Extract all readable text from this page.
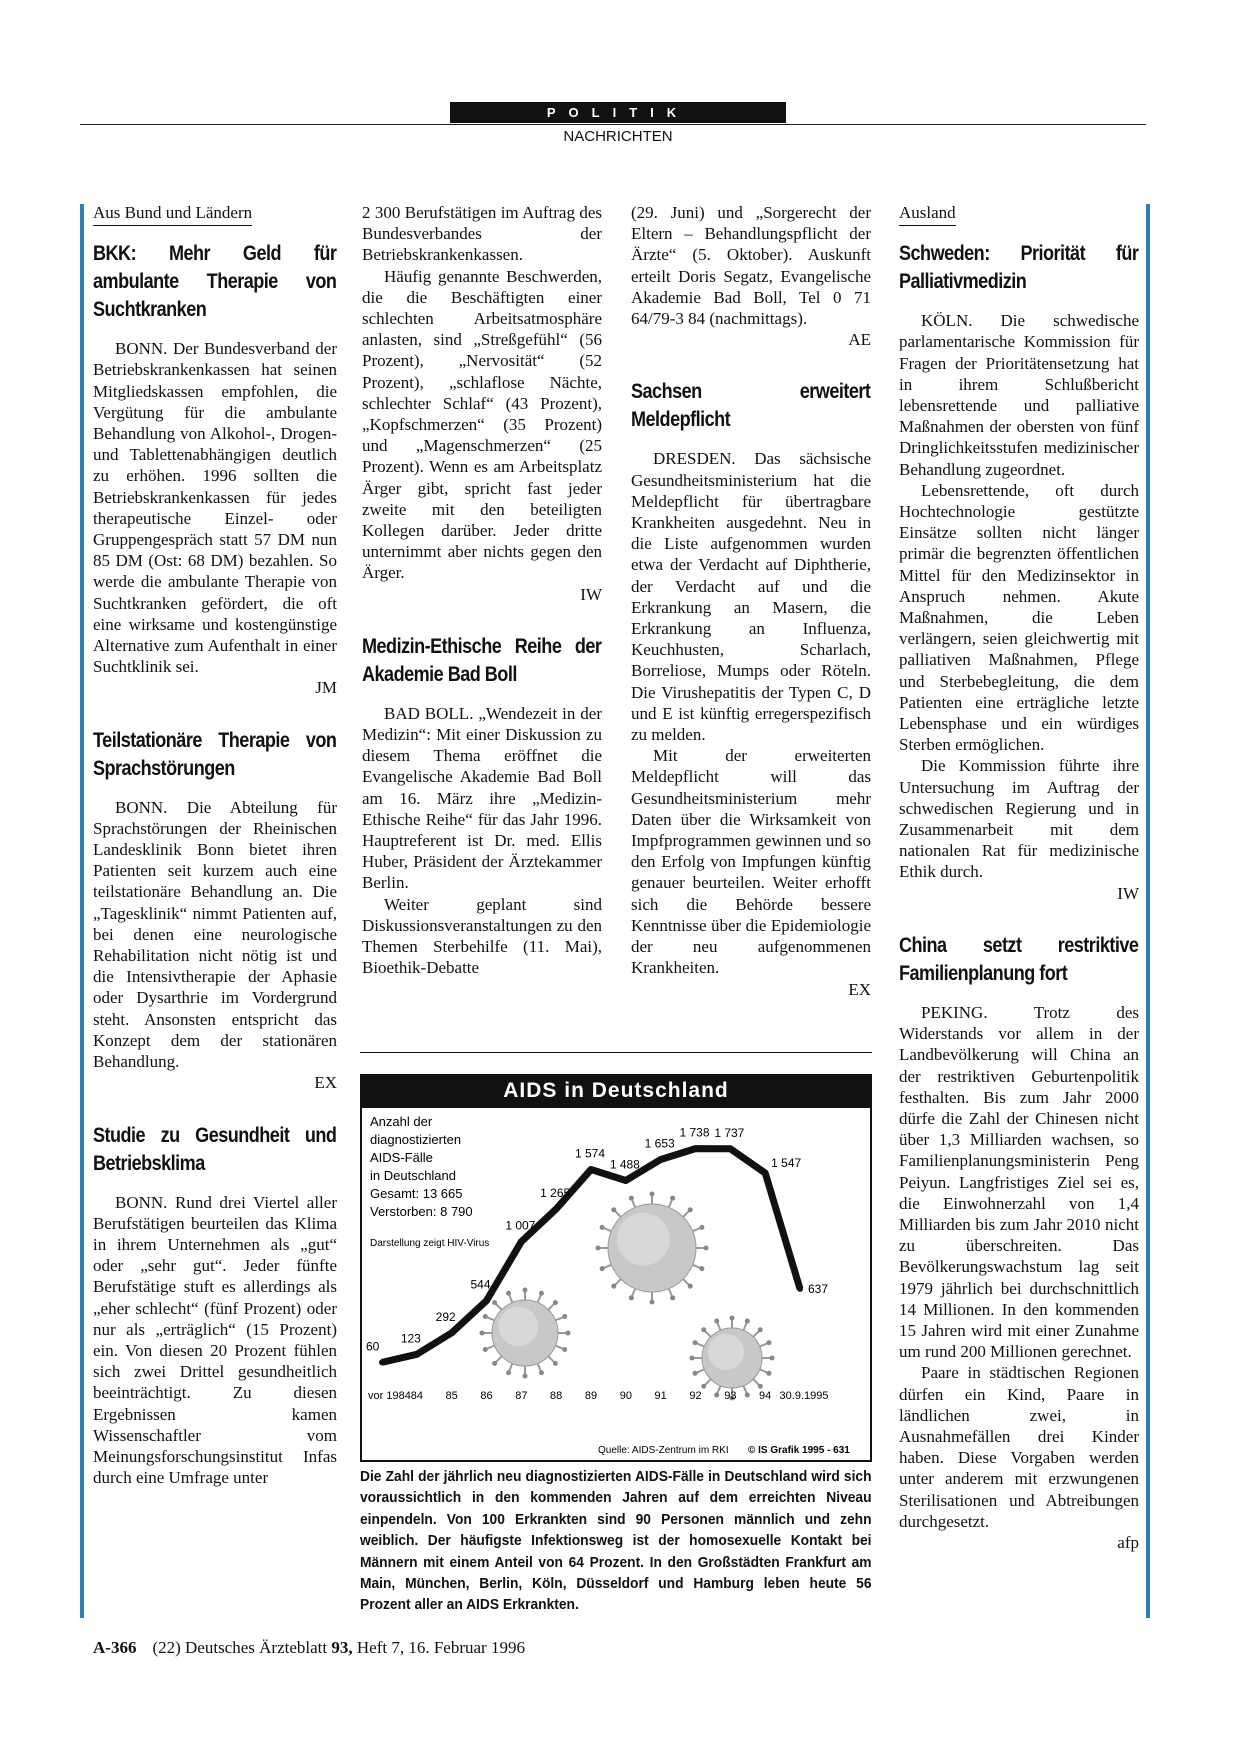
POLITIK
NACHRICHTEN
Aus Bund und Ländern
BKK: Mehr Geld für ambulante Therapie von Suchtkranken

BONN. Der Bundesverband der Betriebskrankenkassen hat seinen Mitgliedskassen empfohlen, die Vergütung für die ambulante Behandlung von Alkohol-, Drogen- und Tablettenabhängigen deutlich zu erhöhen. 1996 sollten die Betriebskrankenkassen für jedes therapeutische Einzel- oder Gruppengespräch statt 57 DM nun 85 DM (Ost: 68 DM) bezahlen. So werde die ambulante Therapie von Suchtkranken gefördert, die oft eine wirksame und kostengünstige Alternative zum Aufenthalt in einer Suchtklinik sei.

JM
Teilstationäre Therapie von Sprachstörungen

BONN. Die Abteilung für Sprachstörungen der Rheinischen Landesklinik Bonn bietet ihren Patienten seit kurzem auch eine teilstationäre Behandlung an. Die „Tagesklinik“ nimmt Patienten auf, bei denen eine neurologische Rehabilitation nicht nötig ist und die Intensivtherapie der Aphasie oder Dysarthrie im Vordergrund steht. Ansonsten entspricht das Konzept dem der stationären Behandlung.

EX
Studie zu Gesundheit und Betriebsklima

BONN. Rund drei Viertel aller Berufstätigen beurteilen das Klima in ihrem Unternehmen als „gut“ oder „sehr gut“. Jeder fünfte Berufstätige stuft es allerdings als „eher schlecht“ (fünf Prozent) oder nur als „erträglich“ (15 Prozent) ein. Von diesen 20 Prozent fühlen sich zwei Drittel gesundheitlich beeinträchtigt. Zu diesen Ergebnissen kamen Wissenschaftler vom Meinungsforschungsinstitut Infas durch eine Umfrage unter

2 300 Berufstätigen im Auftrag des Bundesverbandes der Betriebskrankenkassen.

Häufig genannte Beschwerden, die die Beschäftigten einer schlechten Arbeitsatmosphäre anlasten, sind „Streßgefühl“ (56 Prozent), „Nervosität“ (52 Prozent), „schlaflose Nächte, schlechter Schlaf“ (43 Prozent), „Kopfschmerzen“ (35 Prozent) und „Magenschmerzen“ (25 Prozent). Wenn es am Arbeitsplatz Ärger gibt, spricht fast jeder zweite mit den beteiligten Kollegen darüber. Jeder dritte unternimmt aber nichts gegen den Ärger.

IW
Medizin-Ethische Reihe der Akademie Bad Boll

BAD BOLL. „Wendezeit in der Medizin“: Mit einer Diskussion zu diesem Thema eröffnet die Evangelische Akademie Bad Boll am 16. März ihre „Medizin-Ethische Reihe“ für das Jahr 1996. Hauptreferent ist Dr. med. Ellis Huber, Präsident der Ärztekammer Berlin.

Weiter geplant sind Diskussionsveranstaltungen zu den Themen Sterbehilfe (11. Mai), Bioethik-Debatte

(29. Juni) und „Sorgerecht der Eltern – Behandlungspflicht der Ärzte“ (5. Oktober). Auskunft erteilt Doris Segatz, Evangelische Akademie Bad Boll, Tel 0 71 64/79-3 84 (nachmittags).

AE
Sachsen erweitert Meldepflicht

DRESDEN. Das sächsische Gesundheitsministerium hat die Meldepflicht für übertragbare Krankheiten ausgedehnt. Neu in die Liste aufgenommen wurden etwa der Verdacht auf Diphtherie, der Verdacht auf und die Erkrankung an Masern, die Erkrankung an Influenza, Keuchhusten, Scharlach, Borreliose, Mumps oder Röteln. Die Virushepatitis der Typen C, D und E ist künftig erregerspezifisch zu melden.

Mit der erweiterten Meldepflicht will das Gesundheitsministerium mehr Daten über die Wirksamkeit von Impfprogrammen gewinnen und so den Erfolg von Impfungen künftig genauer beurteilen. Weiter erhofft sich die Behörde bessere Kenntnisse über die Epidemiologie der neu aufgenommenen Krankheiten.

EX
Ausland
Schweden: Priorität für Palliativmedizin

KÖLN. Die schwedische parlamentarische Kommission für Fragen der Prioritätensetzung hat in ihrem Schlußbericht lebensrettende und palliative Maßnahmen der obersten von fünf Dringlichkeitsstufen medizinischer Behandlung zugeordnet.

Lebensrettende, oft durch Hochtechnologie gestützte Einsätze sollten nicht länger primär die begrenzten öffentlichen Mittel für den Medizinsektor in Anspruch nehmen. Akute Maßnahmen, die Leben verlängern, seien gleichwertig mit palliativen Maßnahmen, Pflege und Sterbebegleitung, die dem Patienten eine erträgliche letzte Lebensphase und ein würdiges Sterben ermöglichen.

Die Kommission führte ihre Untersuchung im Auftrag der schwedischen Regierung und in Zusammenarbeit mit dem nationalen Rat für medizinische Ethik durch.

IW
China setzt restriktive Familienplanung fort

PEKING. Trotz des Widerstands vor allem in der Landbevölkerung will China an der restriktiven Geburtenpolitik festhalten. Bis zum Jahr 2000 dürfe die Zahl der Chinesen nicht über 1,3 Milliarden wachsen, so Familienplanungsministerin Peng Peiyun. Langfristiges Ziel sei es, die Einwohnerzahl von 1,4 Milliarden bis zum Jahr 2010 nicht zu überschreiten. Das Bevölkerungswachstum lag seit 1979 jährlich bei durchschnittlich 14 Millionen. In den kommenden 15 Jahren wird mit einer Zunahme um rund 200 Millionen gerechnet.

Paare in städtischen Regionen dürfen ein Kind, Paare in ländlichen zwei, in Ausnahmefällen drei Kinder haben. Diese Vorgaben werden unter anderem mit erzwungenen Sterilisationen und Abtreibungen durchgesetzt.

afp
AIDS in Deutschland
Anzahl der
diagnostizierten
AIDS-Fälle
in Deutschland
Gesamt: 13 665
Verstorben: 8 790
Darstellung zeigt HIV-Virus
60
123
292
544
1 007
1 265
1 574
1 488
1 653
1 738 1 737
1 547
637
vor 1984 84 85 86 87 88 89 90 91 92 93 94 30.9.1995
Quelle: AIDS-Zentrum im RKI © IS Grafik 1995 - 631
Die Zahl der jährlich neu diagnostizierten AIDS-Fälle in Deutschland wird sich voraussichtlich in den kommenden Jahren auf dem erreichten Niveau einpendeln. Von 100 Erkrankten sind 90 Personen männlich und zehn weiblich. Der häufigste Infektionsweg ist der homosexuelle Kontakt bei Männern mit einem Anteil von 64 Prozent. In den Großstädten Frankfurt am Main, München, Berlin, Köln, Düsseldorf und Hamburg leben heute 56 Prozent aller an AIDS Erkrankten.
A-366 (22) Deutsches Ärzteblatt 93, Heft 7, 16. Februar 1996
